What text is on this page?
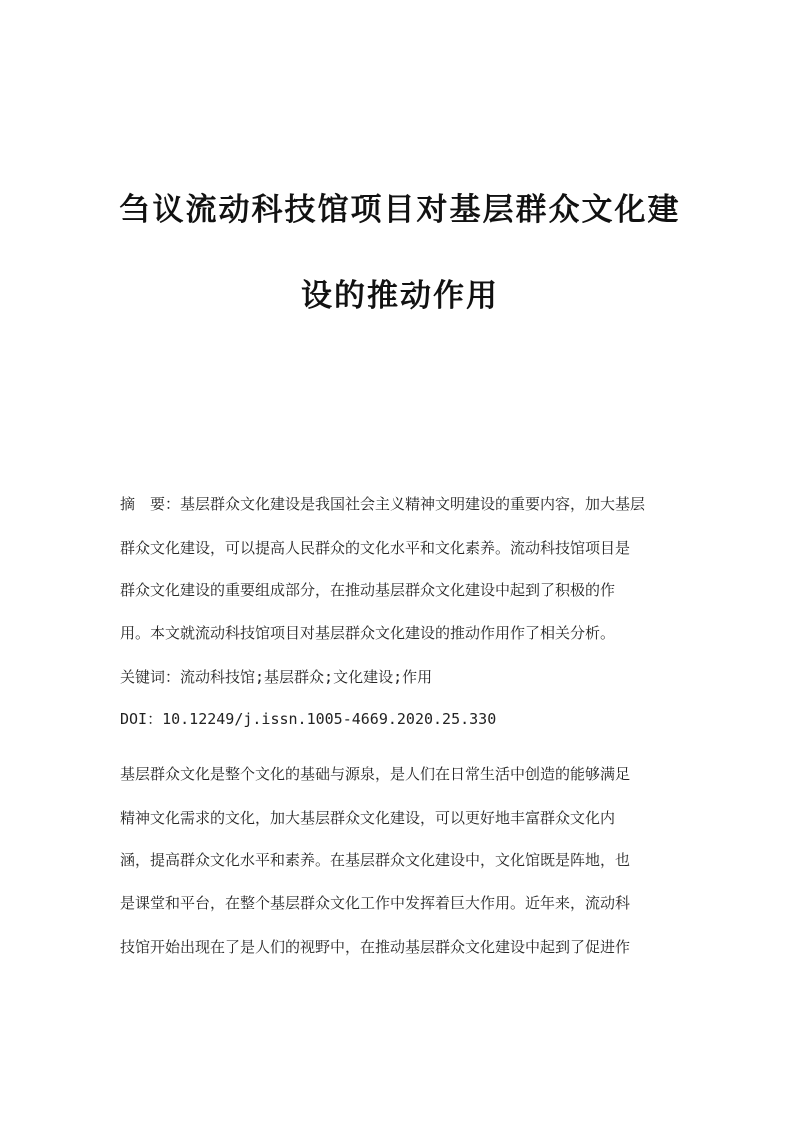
刍议流动科技馆项目对基层群众文化建
设的推动作用
摘　要：基层群众文化建设是我国社会主义精神文明建设的重要内容，加大基层
群众文化建设，可以提高人民群众的文化水平和文化素养。流动科技馆项目是
群众文化建设的重要组成部分，在推动基层群众文化建设中起到了积极的作
用。本文就流动科技馆项目对基层群众文化建设的推动作用作了相关分析。
关键词：流动科技馆;基层群众;文化建设;作用
DOI：10.12249/j.issn.1005-4669.2020.25.330
基层群众文化是整个文化的基础与源泉，是人们在日常生活中创造的能够满足
精神文化需求的文化，加大基层群众文化建设，可以更好地丰富群众文化内
涵，提高群众文化水平和素养。在基层群众文化建设中，文化馆既是阵地，也
是课堂和平台，在整个基层群众文化工作中发挥着巨大作用。近年来，流动科
技馆开始出现在了是人们的视野中，在推动基层群众文化建设中起到了促进作
